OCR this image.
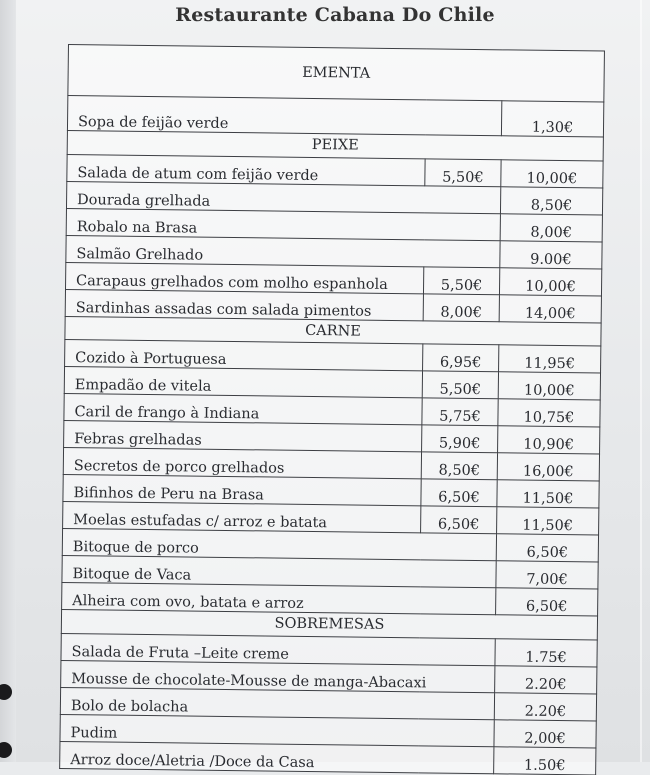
Restaurante Cabana Do Chile
EMENTA		
Sopa de feijão verde		1,30€
PEIXE		
Salada de atum com feijão verde	5,50€	10,00€
Dourada grelhada		8,50€
Robalo na Brasa		8,00€
Salmão Grelhado		9.00€
Carapaus grelhados com molho espanhola	5,50€	10,00€
Sardinhas assadas com salada pimentos	8,00€	14,00€
CARNE		
Cozido à Portuguesa	6,95€	11,95€
Empadão de vitela	5,50€	10,00€
Caril de frango à Indiana	5,75€	10,75€
Febras grelhadas	5,90€	10,90€
Secretos de porco grelhados	8,50€	16,00€
Bifinhos de Peru na Brasa	6,50€	11,50€
Moelas estufadas c/ arroz e batata	6,50€	11,50€
Bitoque de porco		6,50€
Bitoque de Vaca		7,00€
Alheira com ovo, batata e arroz		6,50€
SOBREMESAS		
Salada de Fruta –Leite creme		1.75€
Mousse de chocolate-Mousse de manga-Abacaxi		2.20€
Bolo de bolacha		2.20€
Pudim		2,00€
Arroz doce/Aletria /Doce da Casa		1.50€
